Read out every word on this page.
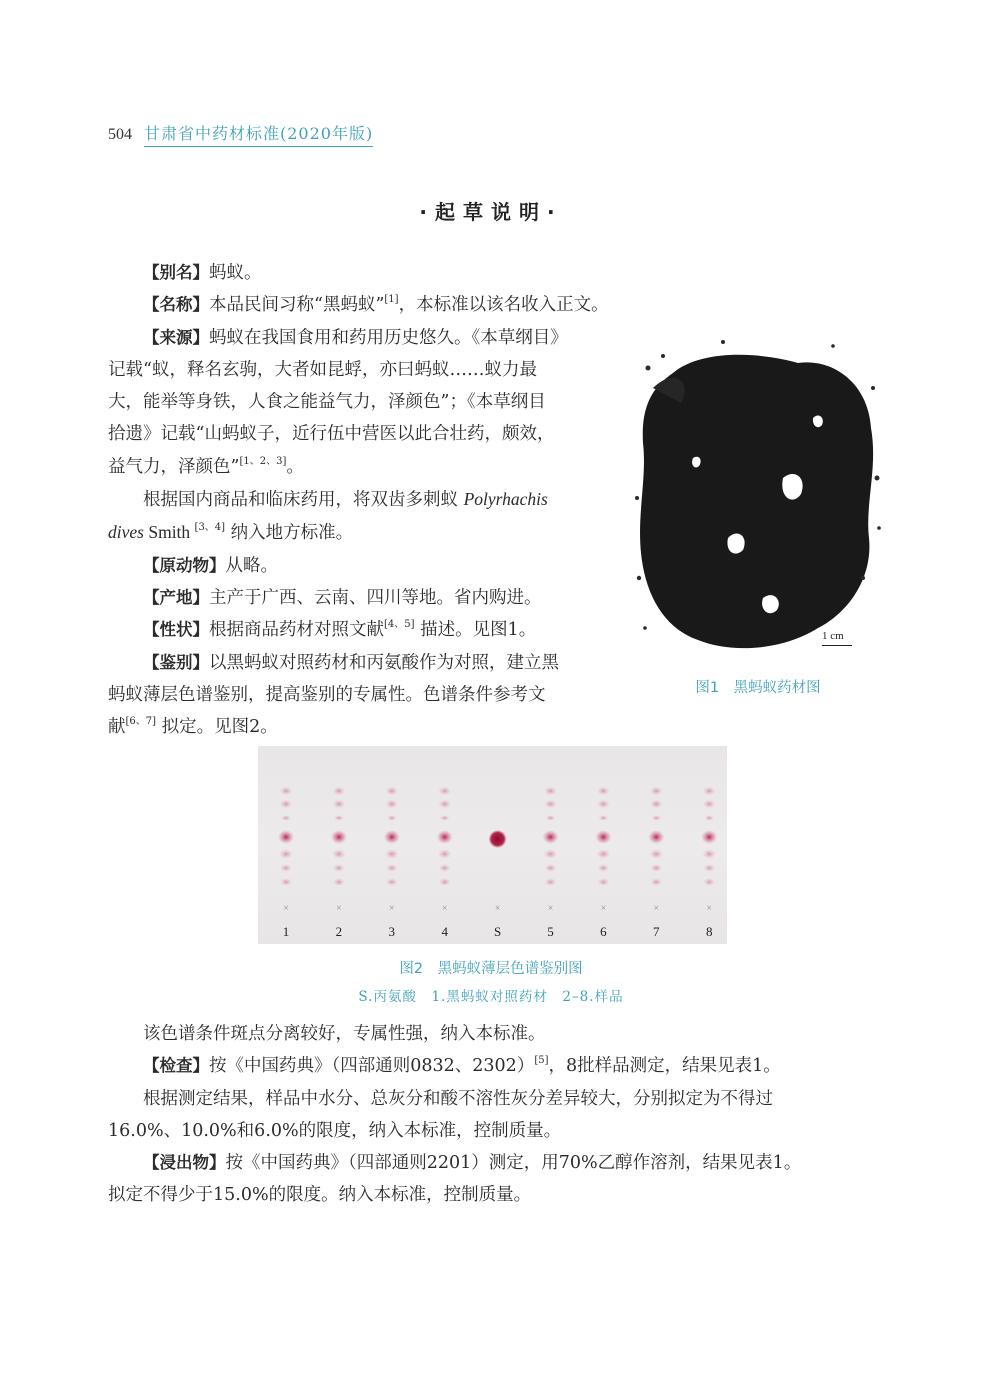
504 甘肃省中药材标准(2020年版)
·起草说明·

【别名】蚂蚁。

【名称】本品民间习称“黑蚂蚁”[1]，本标准以该名收入正文。

【来源】蚂蚁在我国食用和药用历史悠久。《本草纲目》
记载“蚁，释名玄驹，大者如昆蜉，亦曰蚂蚁……蚁力最
大，能举等身铁，人食之能益气力，泽颜色”；《本草纲目
拾遗》记载“山蚂蚁子，近行伍中营医以此合壮药，颇效，
益气力，泽颜色”[1、2、3]。

根据国内商品和临床药用，将双齿多刺蚁 Polyrhachis
dives Smith [3、4] 纳入地方标准。

【原动物】从略。

【产地】主产于广西、云南、四川等地。省内购进。

【性状】根据商品药材对照文献[4、5] 描述。见图1。

【鉴别】以黑蚂蚁对照药材和丙氨酸作为对照，建立黑
蚂蚁薄层色谱鉴别，提高鉴别的专属性。色谱条件参考文
献[6、7] 拟定。见图2。

1 cm
图1　黑蚂蚁药材图
×
1
×
2
×
3
×
4
×
S
×
5
×
6
×
7
×
8
图2　黑蚂蚁薄层色谱鉴别图
S.丙氨酸　1.黑蚂蚁对照药材　2–8.样品

该色谱条件斑点分离较好，专属性强，纳入本标准。

【检查】按《中国药典》（四部通则0832、2302）[5]，8批样品测定，结果见表1。

根据测定结果，样品中水分、总灰分和酸不溶性灰分差异较大，分别拟定为不得过
16.0%、10.0%和6.0%的限度，纳入本标准，控制质量。

【浸出物】按《中国药典》（四部通则2201）测定，用70%乙醇作溶剂，结果见表1。
拟定不得少于15.0%的限度。纳入本标准，控制质量。
